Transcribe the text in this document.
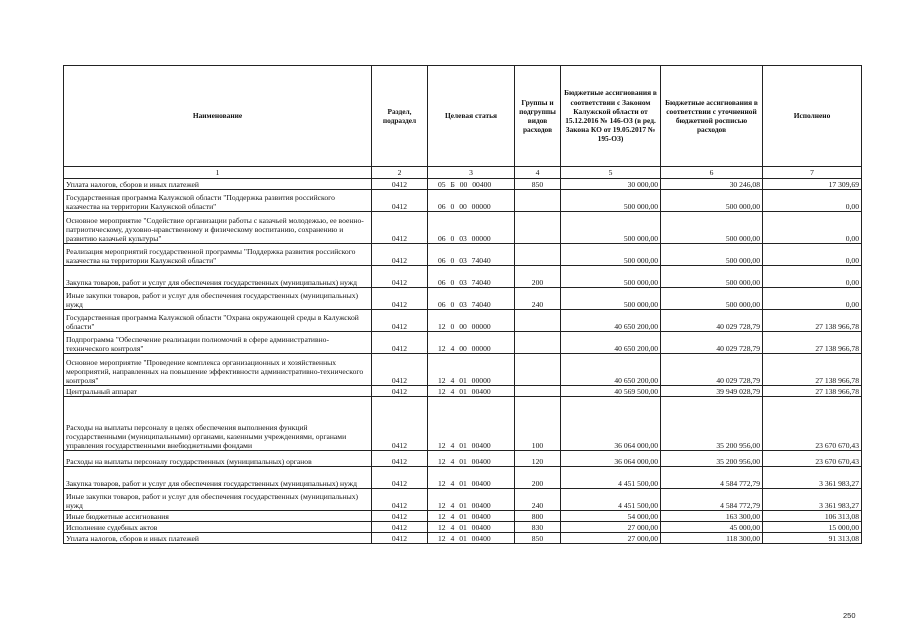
Наименование	Раздел, подраздел	Целевая статья	Группы и подгруппы видов расходов	Бюджетные ассигнования в соответствии с Законом Калужской области от 15.12.2016 № 146-ОЗ (в ред. Закона КО от 19.05.2017 № 195-ОЗ)	Бюджетные ассигнования в соответствии с уточненной бюджетной росписью расходов	Исполнено
1	2	3	4	5	6	7
Уплата налогов, сборов и иных платежей	0412	05 Б 00 00400	850	30 000,00	30 246,08	17 309,69
Государственная программа Калужской области "Поддержка развития российского казачества на территории Калужской области"	0412	06 0 00 00000		500 000,00	500 000,00	0,00
Основное мероприятие "Содействие организации работы с казачьей молодежью, ее военно-патриотическому, духовно-нравственному и физическому воспитанию, сохранению и развитию казачьей культуры"	0412	06 0 03 00000		500 000,00	500 000,00	0,00
Реализация мероприятий государственной программы "Поддержка развития российского казачества на территории Калужской области"	0412	06 0 03 74040		500 000,00	500 000,00	0,00
Закупка товаров, работ и услуг для обеспечения государственных (муниципальных) нужд	0412	06 0 03 74040	200	500 000,00	500 000,00	0,00
Иные закупки товаров, работ и услуг для обеспечения государственных (муниципальных) нужд	0412	06 0 03 74040	240	500 000,00	500 000,00	0,00
Государственная программа Калужской области "Охрана окружающей среды в Калужской области"	0412	12 0 00 00000		40 650 200,00	40 029 728,79	27 138 966,78
Подпрограмма "Обеспечение реализации полномочий в сфере административно-технического контроля"	0412	12 4 00 00000		40 650 200,00	40 029 728,79	27 138 966,78
Основное мероприятие "Проведение комплекса организационных и хозяйственных мероприятий, направленных на повышение эффективности административно-технического контроля"	0412	12 4 01 00000		40 650 200,00	40 029 728,79	27 138 966,78
Центральный аппарат	0412	12 4 01 00400		40 569 500,00	39 949 028,79	27 138 966,78
Расходы на выплаты персоналу в целях обеспечения выполнения функций государственными (муниципальными) органами, казенными учреждениями, органами управления государственными внебюджетными фондами	0412	12 4 01 00400	100	36 064 000,00	35 200 956,00	23 670 670,43
Расходы на выплаты персоналу государственных (муниципальных) органов	0412	12 4 01 00400	120	36 064 000,00	35 200 956,00	23 670 670,43
Закупка товаров, работ и услуг для обеспечения государственных (муниципальных) нужд	0412	12 4 01 00400	200	4 451 500,00	4 584 772,79	3 361 983,27
Иные закупки товаров, работ и услуг для обеспечения государственных (муниципальных) нужд	0412	12 4 01 00400	240	4 451 500,00	4 584 772,79	3 361 983,27
Иные бюджетные ассигнования	0412	12 4 01 00400	800	54 000,00	163 300,00	106 313,08
Исполнение судебных актов	0412	12 4 01 00400	830	27 000,00	45 000,00	15 000,00
Уплата налогов, сборов и иных платежей	0412	12 4 01 00400	850	27 000,00	118 300,00	91 313,08
250
